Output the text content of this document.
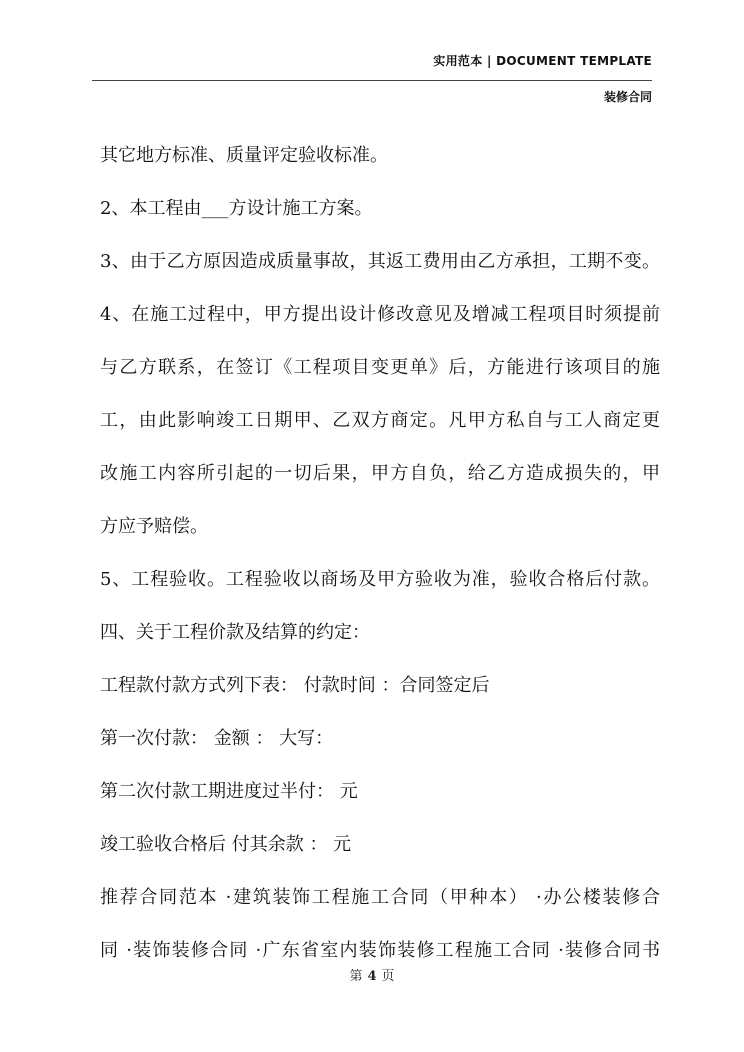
实用范本 | DOCUMENT TEMPLATE
装修合同
其它地方标准、质量评定验收标准。
2、本工程由___方设计施工方案。
3、由于乙方原因造成质量事故，其返工费用由乙方承担，工期不变。
4、在施工过程中，甲方提出设计修改意见及增减工程项目时须提前
与乙方联系，在签订《工程项目变更单》后，方能进行该项目的施
工，由此影响竣工日期甲、乙双方商定。凡甲方私自与工人商定更
改施工内容所引起的一切后果，甲方自负，给乙方造成损失的，甲
方应予赔偿。
5、工程验收。工程验收以商场及甲方验收为准，验收合格后付款。
四、关于工程价款及结算的约定：
工程款付款方式列下表： 付款时间 ：合同签定后
第一次付款： 金额 ： 大写：
第二次付款工期进度过半付： 元
竣工验收合格后 付其余款 ： 元
推荐合同范本 ·建筑装饰工程施工合同（甲种本） ·办公楼装修合
同 ·装饰装修合同 ·广东省室内装饰装修工程施工合同 ·装修合同书
第 4 页
